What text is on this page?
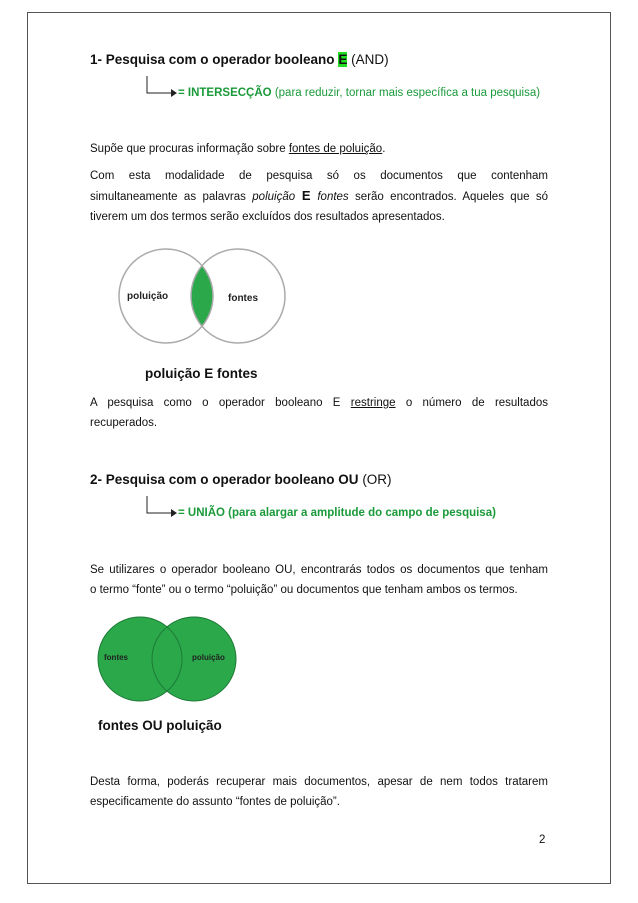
1- Pesquisa com o operador booleano E (AND)
= INTERSECÇÃO (para reduzir, tornar mais específica a tua pesquisa)
Supõe que procuras informação sobre fontes de poluição.
Com esta modalidade de pesquisa só os documentos que contenham
simultaneamente as palavras poluição E fontes serão encontrados. Aqueles que só
tiverem um dos termos serão excluídos dos resultados apresentados.
poluição	fontes
poluição E fontes
A pesquisa como o operador booleano E restringe o número de resultados
recuperados.
2- Pesquisa com o operador booleano OU (OR)
= UNIÃO (para alargar a amplitude do campo de pesquisa)
Se utilizares o operador booleano OU, encontrarás todos os documentos que tenham
o termo “fonte” ou o termo “poluição” ou documentos que tenham ambos os termos.
fontes	poluição
fontes OU poluição
Desta forma, poderás recuperar mais documentos, apesar de nem todos tratarem
especificamente do assunto “fontes de poluição”.
2
